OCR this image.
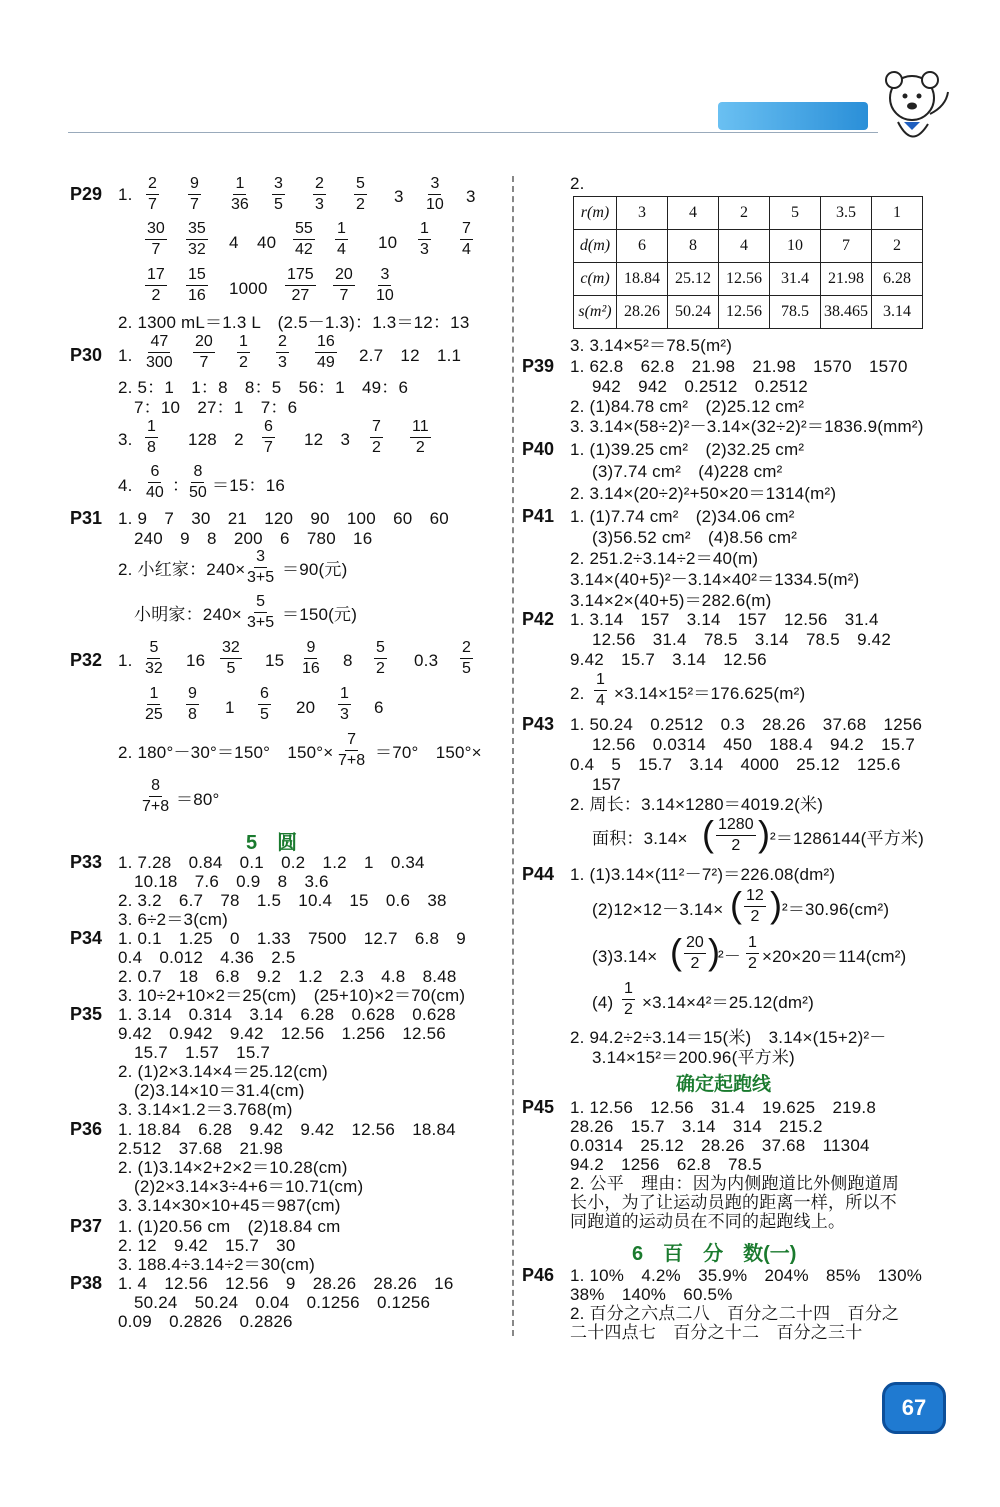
P29 1. $\frac{2}{7} \frac{9}{7} \frac{1}{36} \frac{3}{5} \frac{2}{3} \frac{5}{2} 3 \frac{3}{10} 3$
$\frac{30}{7} \frac{35}{32} 4$ $40 \frac{55}{42} \frac{1}{4} 10 \frac{1}{3} \frac{7}{4}$
$\frac{17}{2} \frac{15}{16} 1000 \frac{175}{27} \frac{20}{7} \frac{3}{10}$
2. 1300 mL＝1.3 L　(2.5－1.3)：1.3＝12：13
P30 1. $\frac{47}{300} \frac{20}{7} \frac{1}{2} \frac{2}{3} \frac{16}{49} 2.7$　12　1.1
2. 5：1　1：8　8：5　56：1　49：6
7：10　27：1　7：6
3. $\frac{1}{8} 128$　$2 \frac{6}{7} 12$　$3 \frac{7}{2} \frac{11}{2}$
4. $\frac{6}{40}$ ：
$\frac{8}{50} =15$：16
P31 1. 9　7　30　21　120　90　100　60　60
240　9　8　200　6　780　16
2. 小红家：$240\times \frac{3}{3+5} =90$(元)
小明家：$240\times \frac{5}{3+5} =150$(元)
P32 1. $\frac{5}{32} 16 \frac{32}{5} 15 \frac{9}{16} 8 \frac{5}{2} 0.3 \frac{2}{5}$
$\frac{1}{25} \frac{9}{8} 1 \frac{6}{5} 20 \frac{1}{3} 6$
2. 180°－30°＝150°　$150^\circ\times \frac{7}{7+8} =70^\circ$　150°×
$\frac{8}{7+8} =80^\circ$
5　圆
P33 1. 7.28　0.84　0.1　0.2　1.2　1　0.34
10.18　7.6　0.9　8　3.6
2. 3.2　6.7　78　1.5　10.4　15　0.6　38
3. 6÷2＝3(cm)
P34 1. 0.1　1.25　0　1.33　7500　12.7　6.8　9
0.4　0.012　4.36　2.5
2. 0.7　18　6.8　9.2　1.2　2.3　4.8　8.48
3. 10÷2+10×2＝25(cm)　(25+10)×2＝70(cm)
P35 1. 3.14　0.314　3.14　6.28　0.628　0.628
9.42　0.942　9.42　12.56　1.256　12.56
15.7　1.57　15.7
2. (1)2×3.14×4＝25.12(cm)
(2)3.14×10＝31.4(cm)
3. 3.14×1.2＝3.768(m)
P36 1. 18.84　6.28　9.42　9.42　12.56　18.84
2.512　37.68　21.98
2. (1)3.14×2+2×2＝10.28(cm)
(2)2×3.14×3÷4+6＝10.71(cm)
3. 3.14×30×10+45＝987(cm)
P37 1. (1)20.56 cm　(2)18.84 cm
2. 12　9.42　15.7　30
3. 188.4÷3.14÷2＝30(cm)
P38 1. 4　12.56　12.56　9　28.26　28.26　16
50.24　50.24　0.04　0.1256　0.1256
0.09　0.2826　0.2826
2.
r(m)	3	4	2	5	3.5	1
d(m)	6	8	4	10	7	2
c(m)	18.84	25.12	12.56	31.4	21.98	6.28
s(m²)	28.26	50.24	12.56	78.5	38.465	3.14
3. 3.14×5²＝78.5(m²)
P39 1. 62.8　62.8　21.98　21.98　1570　1570
942　942　0.2512　0.2512
2. (1)84.78 cm²　(2)25.12 cm²
3. 3.14×(58÷2)²－3.14×(32÷2)²＝1836.9(mm²)
P40 1. (1)39.25 cm²　(2)32.25 cm²
(3)7.74 cm²　(4)228 cm²
2. 3.14×(20÷2)²+50×20＝1314(m²)
P41 1. (1)7.74 cm²　(2)34.06 cm²
(3)56.52 cm²　(4)8.56 cm²
2. 251.2÷3.14÷2＝40(m)
3.14×(40+5)²－3.14×40²＝1334.5(m²)
3.14×2×(40+5)＝282.6(m)
P42 1. 3.14　157　3.14　157　12.56　31.4
12.56　31.4　78.5　3.14　78.5　9.42
9.42　15.7　3.14　12.56
P43 1. 50.24　0.2512　0.3　28.26　37.68　1256
12.56　0.0314　450　188.4　94.2　15.7
0.4　5　15.7　3.14　4000　25.12　125.6
157
2. 周长：3.14×1280＝4019.2(米)
2. $\frac{1}{4} \times 3.14\times 15^2=176.625(m^2)$
面积：3.14× ( $\frac{1280}{2}$ ) ²＝1286144(平方米)
P44 1. (1)3.14×(11²－7²)＝226.08(dm²)
(2)12×12－3.14× ( $\frac{12}{2}$ ) ²＝30.96(cm²)
(3)3.14× ( $\frac{20}{2}$ )
$^2- \frac{1}{2} \times 20\times 20=114(cm^2)$
$(4) \frac{1}{2} \times 3.14\times 4^2=25.12(dm^2)$
2. 94.2÷2÷3.14＝15(米)　3.14×(15+2)²－
3.14×15²＝200.96(平方米)
确定起跑线
P45 1. 12.56　12.56　31.4　19.625　219.8
28.26　15.7　3.14　314　215.2
0.0314　25.12　28.26　37.68　11304
94.2　1256　62.8　78.5
2. 公平　理由：因为内侧跑道比外侧跑道周
长小，为了让运动员跑的距离一样，所以不
同跑道的运动员在不同的起跑线上。
6　百　分　数(一)
P46 1. 10%　4.2%　35.9%　204%　85%　130%
38%　140%　60.5%
2. 百分之六点二八　百分之二十四　百分之
二十四点七　百分之十二　百分之三十
67
